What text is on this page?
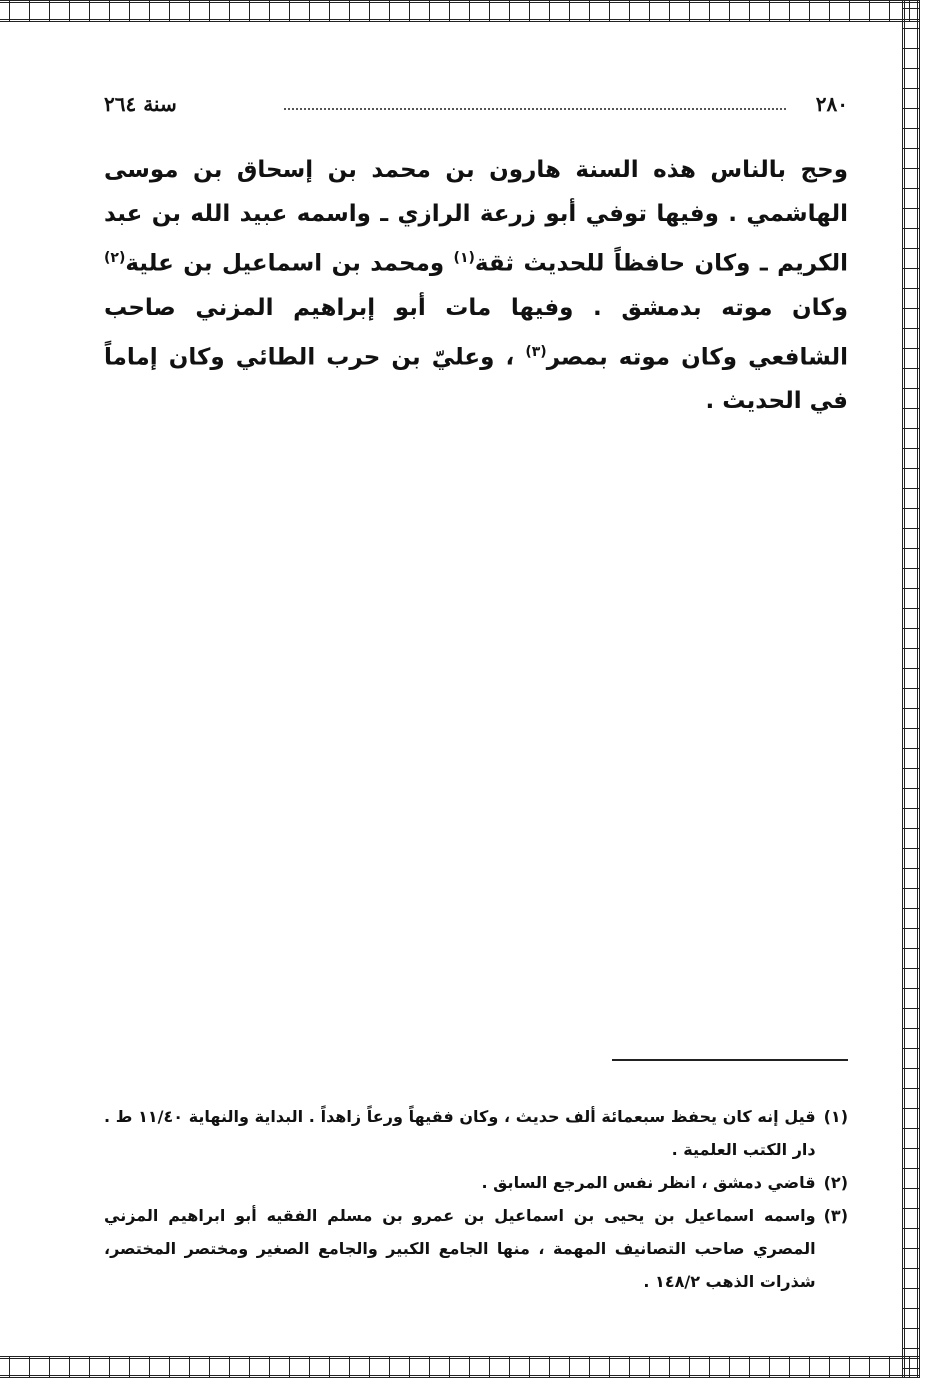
٢٨٠
سنة ٢٦٤

وحج بالناس هذه السنة هارون بن محمد بن إسحاق بن موسى الهاشمي . وفيها توفي أبو زرعة الرازي ـ واسمه عبيد الله بن عبد الكريم ـ وكان حافظاً للحديث ثقة$^{(١)}$ ومحمد بن اسماعيل بن علية$^{(٢)}$ وكان موته بدمشق . وفيها مات أبو إبراهيم المزني صاحب الشافعي وكان موته بمصر$^{(٣)}$ ، وعليّ بن حرب الطائي وكان إماماً في الحديث .

(١)
قيل إنه كان يحفظ سبعمائة ألف حديث ، وكان فقيهاً ورعاً زاهداً . البداية والنهاية ١١/٤٠ ط . دار الكتب العلمية .
(٢)
قاضي دمشق ، انظر نفس المرجع السابق .
(٣)
واسمه اسماعيل بن يحيى بن اسماعيل بن عمرو بن مسلم الفقيه أبو ابراهيم المزني المصري صاحب التصانيف المهمة ، منها الجامع الكبير والجامع الصغير ومختصر المختصر، شذرات الذهب ١٤٨/٢ .
